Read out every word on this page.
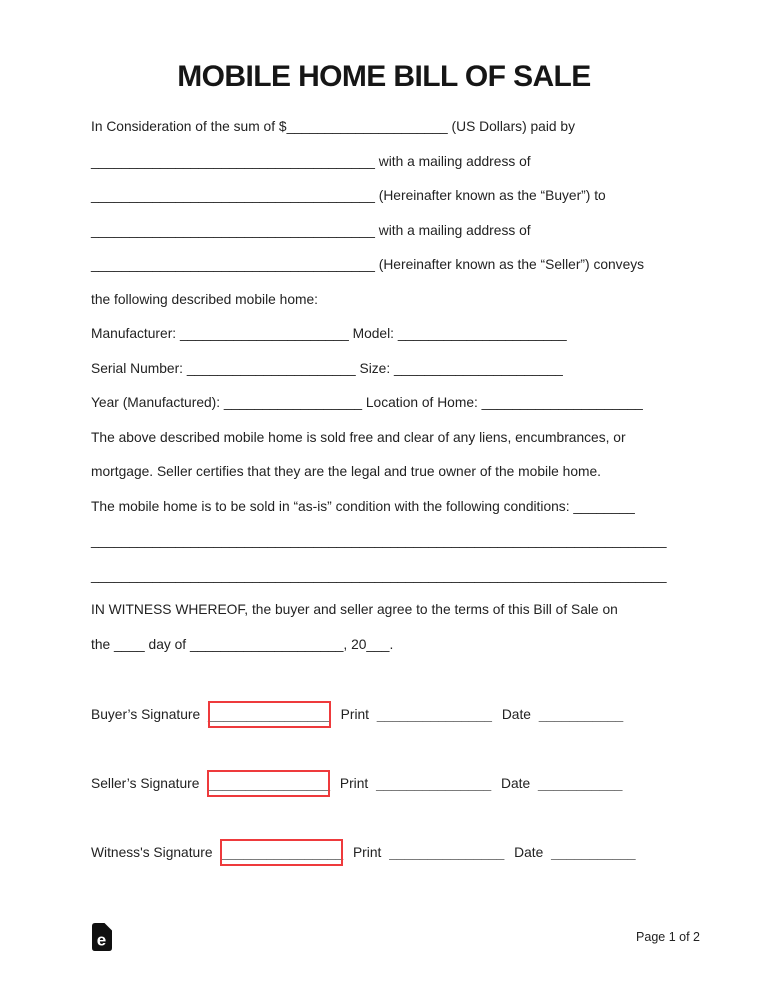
MOBILE HOME BILL OF SALE
In Consideration of the sum of $_____________________ (US Dollars) paid by
_____________________________________ with a mailing address of
_____________________________________ (Hereinafter known as the “Buyer”) to
_____________________________________ with a mailing address of
_____________________________________ (Hereinafter known as the “Seller”) conveys
the following described mobile home:
Manufacturer: ______________________ Model: ______________________
Serial Number: ______________________ Size: ______________________
Year (Manufactured): __________________ Location of Home: _____________________
The above described mobile home is sold free and clear of any liens, encumbrances, or
mortgage. Seller certifies that they are the legal and true owner of the mobile home.
The mobile home is to be sold in “as-is” condition with the following conditions: ________
___________________________________________________________________________
___________________________________________________________________________
IN WITNESS WHEREOF, the buyer and seller agree to the terms of this Bill of Sale on
the ____ day of ____________________, 20___.
Buyer’s Signature ________________ Print _______________ Date ___________
Seller’s Signature ________________ Print _______________ Date ___________
Witness's Signature ________________ Print _______________ Date ___________
e	Page 1 of 2
